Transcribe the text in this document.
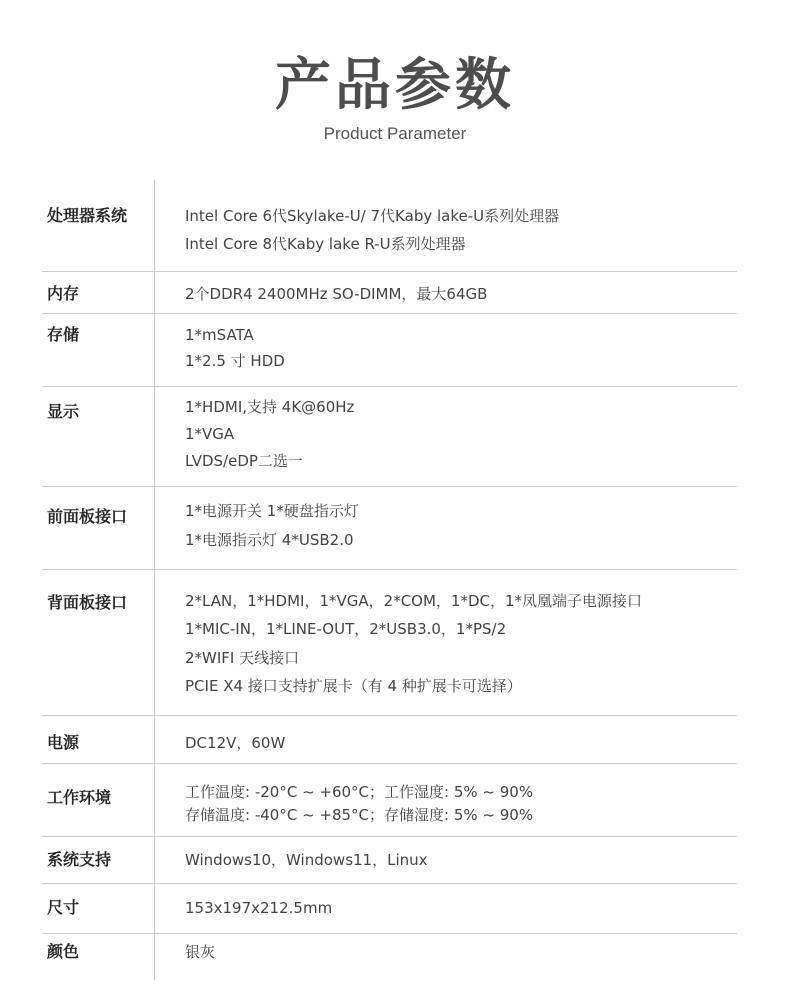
产品参数
Product Parameter
处理器系统	Intel Core 6代Skylake-U/ 7代Kaby lake-U系列处理器
Intel Core 8代Kaby lake R-U系列处理器
内存	2个DDR4 2400MHz SO-DIMM，最大64GB
存储	1*mSATA
1*2.5 寸 HDD
显示	1*HDMI,支持 4K@60Hz
1*VGA
LVDS/eDP二选一
前面板接口	1*电源开关 1*硬盘指示灯
1*电源指示灯 4*USB2.0
背面板接口	2*LAN，1*HDMI，1*VGA，2*COM，1*DC，1*凤凰端子电源接口
1*MIC-IN，1*LINE-OUT，2*USB3.0，1*PS/2
2*WIFI 天线接口
PCIE X4 接口支持扩展卡（有 4 种扩展卡可选择）
电源	DC12V，60W
工作环境	工作温度: -20°C ~ +60°C；工作湿度: 5% ~ 90%
存储温度: -40°C ~ +85°C；存储湿度: 5% ~ 90%
系统支持	Windows10，Windows11，Linux
尺寸	153x197x212.5mm
颜色	银灰
